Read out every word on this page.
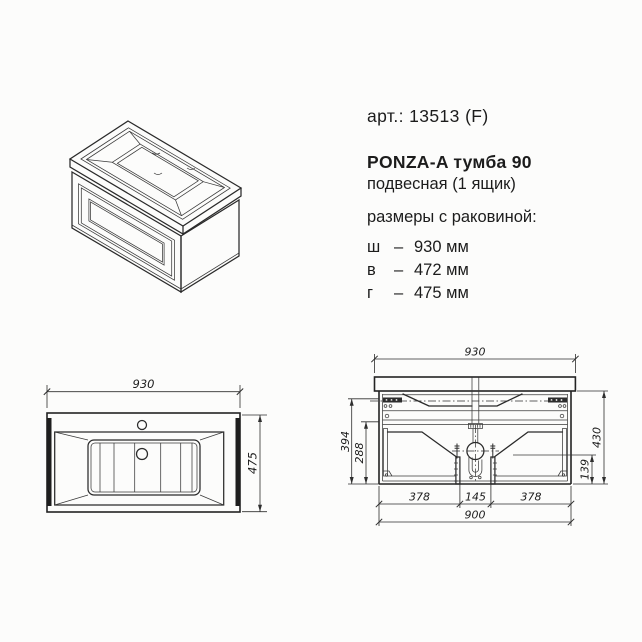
арт.: 13513 (F)
PONZA-A тумба 90
подвесная (1 ящик)
размеры с раковиной:
ш – 930 мм
в	– 472 мм
г	– 475 мм
930
475
930
430
139
394
288
378	145	378
900
